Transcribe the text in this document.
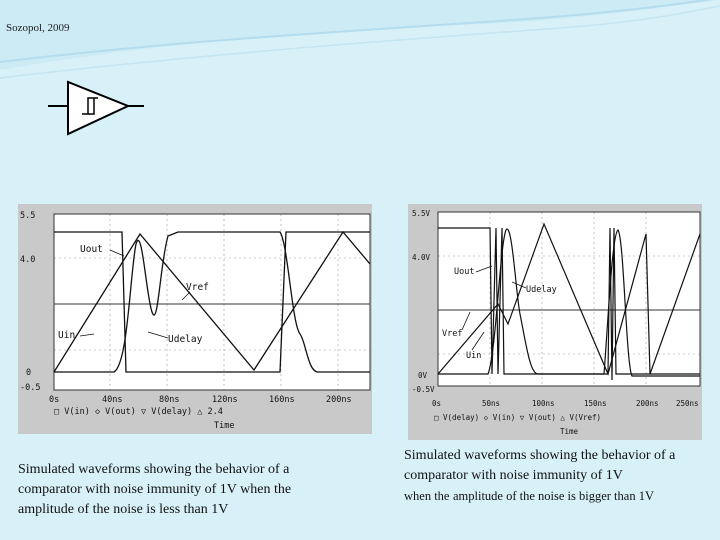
Sozopol, 2009
5.5
4.0
0
-0.5
0s	40ns	80ns	120ns	160ns	200ns
□ V(in) ◇ V(out) ▽ V(delay) △ 2.4
Time
Uout
Vref
Uin	Udelay
5.5V
4.0V
0V
-0.5V
0s	50ns	100ns	150ns	200ns 250ns
□ V(delay) ◇ V(in) ▽ V(out) △ V(Vref)
Time
Uout
Udelay
Vref
Uin
Simulated waveforms showing the behavior of a comparator with noise immunity of 1V when the amplitude of the noise is less than 1V
Simulated waveforms showing the behavior of a comparator with noise immunity of 1V
when the amplitude of the noise is bigger than 1V
